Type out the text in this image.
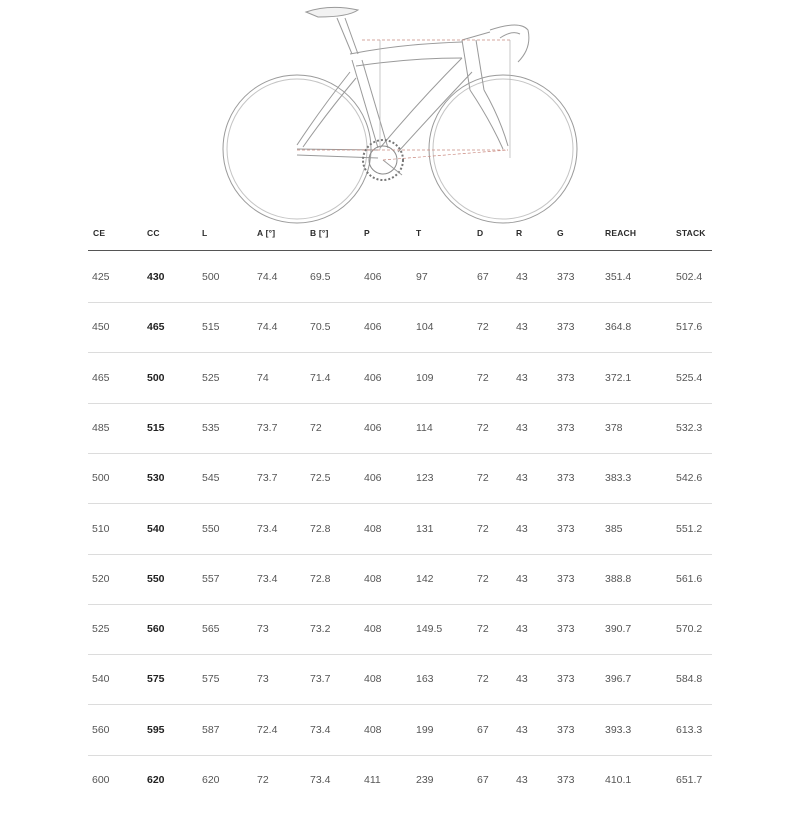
CE	CC	L	A [°]	B [°]	P	T	D	R	G	REACH	STACK
425	430	500	74.4	69.5	406	97	67	43	373	351.4	502.4
450	465	515	74.4	70.5	406	104	72	43	373	364.8	517.6
465	500	525	74	71.4	406	109	72	43	373	372.1	525.4
485	515	535	73.7	72	406	114	72	43	373	378	532.3
500	530	545	73.7	72.5	406	123	72	43	373	383.3	542.6
510	540	550	73.4	72.8	408	131	72	43	373	385	551.2
520	550	557	73.4	72.8	408	142	72	43	373	388.8	561.6
525	560	565	73	73.2	408	149.5	72	43	373	390.7	570.2
540	575	575	73	73.7	408	163	72	43	373	396.7	584.8
560	595	587	72.4	73.4	408	199	67	43	373	393.3	613.3
600	620	620	72	73.4	411	239	67	43	373	410.1	651.7
